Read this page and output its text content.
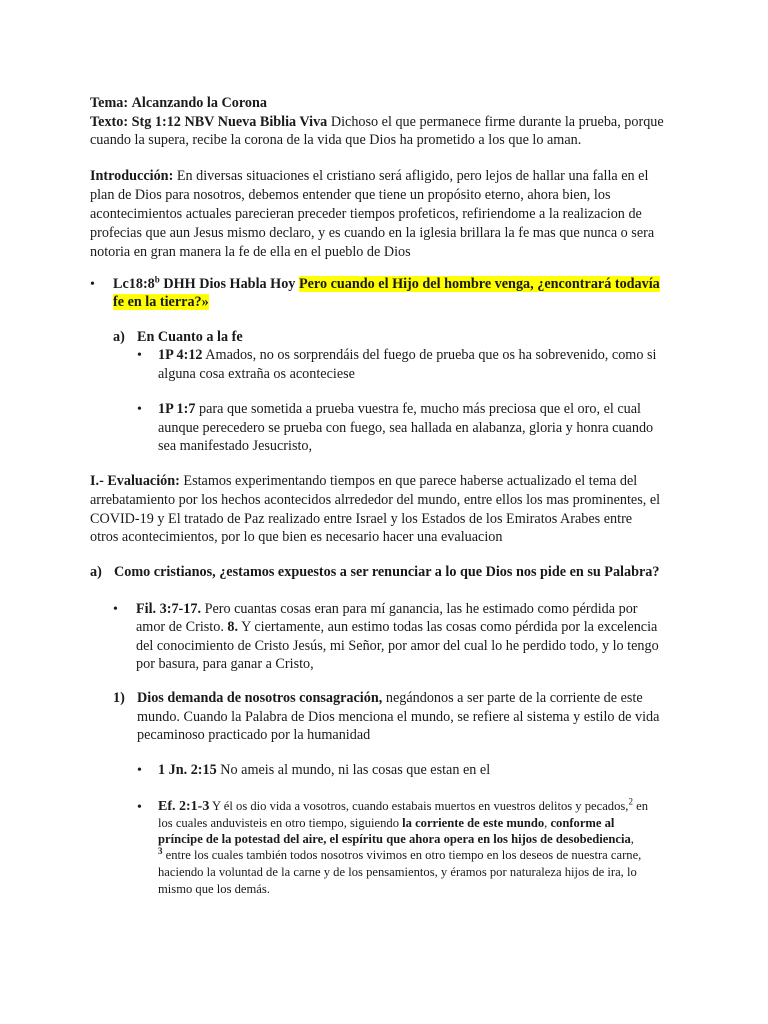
Tema: Alcanzando la Corona

Texto: Stg 1:12 NBV Nueva Biblia Viva Dichoso el que permanece firme durante la prueba, porque

cuando la supera, recibe la corona de la vida que Dios ha prometido a los que lo aman.

Introducción: En diversas situaciones el cristiano será afligido, pero lejos de hallar una falla en el

plan de Dios para nosotros, debemos entender que tiene un propósito eterno, ahora bien, los

acontecimientos actuales parecieran preceder tiempos profeticos, refiriendome a la realizacion de

profecias que aun Jesus mismo declaro, y es cuando en la iglesia brillara la fe mas que nunca o sera

notoria en gran manera la fe de ella en el pueblo de Dios

• Lc18:8$^b$ DHH Dios Habla Hoy Pero cuando el Hijo del hombre venga, ¿encontrará todavía

fe en la tierra?»

a) En Cuanto a la fe

• 1P 4:12 Amados, no os sorprendáis del fuego de prueba que os ha sobrevenido, como si

alguna cosa extraña os aconteciese

• 1P 1:7 para que sometida a prueba vuestra fe, mucho más preciosa que el oro, el cual

aunque perecedero se prueba con fuego, sea hallada en alabanza, gloria y honra cuando

sea manifestado Jesucristo,

I.- Evaluación: Estamos experimentando tiempos en que parece haberse actualizado el tema del

arrebatamiento por los hechos acontecidos alrrededor del mundo, entre ellos los mas prominentes, el

COVID-19 y El tratado de Paz realizado entre Israel y los Estados de los Emiratos Arabes entre

otros acontecimientos, por lo que bien es necesario hacer una evaluacion

a) Como cristianos, ¿estamos expuestos a ser renunciar a lo que Dios nos pide en su Palabra?

• Fil. 3:7-17. Pero cuantas cosas eran para mí ganancia, las he estimado como pérdida por

amor de Cristo. 8. Y ciertamente, aun estimo todas las cosas como pérdida por la excelencia

del conocimiento de Cristo Jesús, mi Señor, por amor del cual lo he perdido todo, y lo tengo

por basura, para ganar a Cristo,

1) Dios demanda de nosotros consagración, negándonos a ser parte de la corriente de este

mundo. Cuando la Palabra de Dios menciona el mundo, se refiere al sistema y estilo de vida

pecaminoso practicado por la humanidad

• 1 Jn. 2:15 No ameis al mundo, ni las cosas que estan en el

• Ef. 2:1-3 Y él os dio vida a vosotros, cuando estabais muertos en vuestros delitos y pecados,$^2$ en

los cuales anduvisteis en otro tiempo, siguiendo la corriente de este mundo, conforme al

príncipe de la potestad del aire, el espíritu que ahora opera en los hijos de desobediencia,

$^3$ entre los cuales también todos nosotros vivimos en otro tiempo en los deseos de nuestra carne,

haciendo la voluntad de la carne y de los pensamientos, y éramos por naturaleza hijos de ira, lo

mismo que los demás.
